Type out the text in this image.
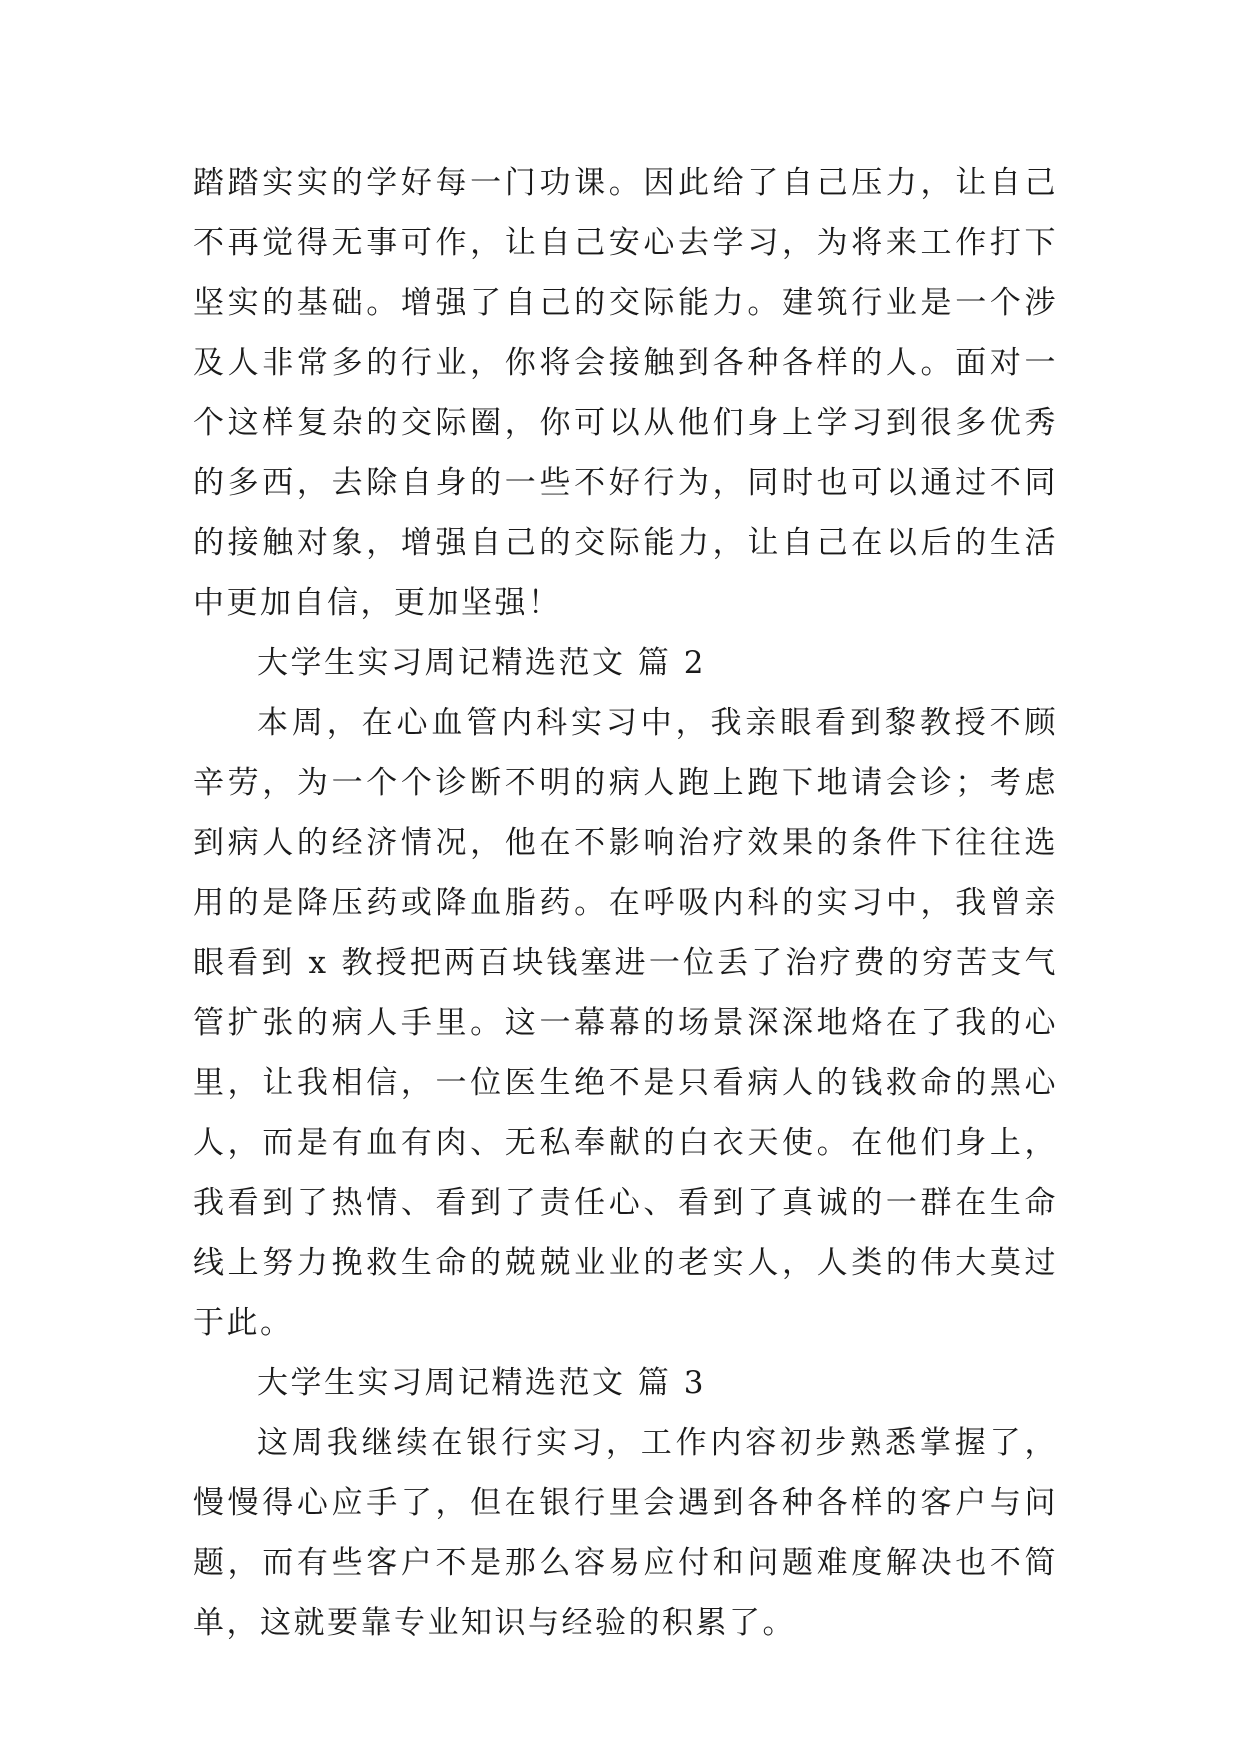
踏踏实实的学好每一门功课。因此给了自己压力，让自己不再觉得无事可作，让自己安心去学习，为将来工作打下坚实的基础。增强了自己的交际能力。建筑行业是一个涉及人非常多的行业，你将会接触到各种各样的人。面对一个这样复杂的交际圈，你可以从他们身上学习到很多优秀的多西，去除自身的一些不好行为，同时也可以通过不同的接触对象，增强自己的交际能力，让自己在以后的生活中更加自信，更加坚强！

大学生实习周记精选范文 篇 2

本周，在心血管内科实习中，我亲眼看到黎教授不顾辛劳，为一个个诊断不明的病人跑上跑下地请会诊；考虑到病人的经济情况，他在不影响治疗效果的条件下往往选用的是降压药或降血脂药。在呼吸内科的实习中，我曾亲眼看到 x 教授把两百块钱塞进一位丢了治疗费的穷苦支气管扩张的病人手里。这一幕幕的场景深深地烙在了我的心里，让我相信，一位医生绝不是只看病人的钱救命的黑心人，而是有血有肉、无私奉献的白衣天使。在他们身上，我看到了热情、看到了责任心、看到了真诚的一群在生命线上努力挽救生命的兢兢业业的老实人，人类的伟大莫过于此。

大学生实习周记精选范文 篇 3

这周我继续在银行实习，工作内容初步熟悉掌握了，慢慢得心应手了，但在银行里会遇到各种各样的客户与问题，而有些客户不是那么容易应付和问题难度解决也不简单，这就要靠专业知识与经验的积累了。
